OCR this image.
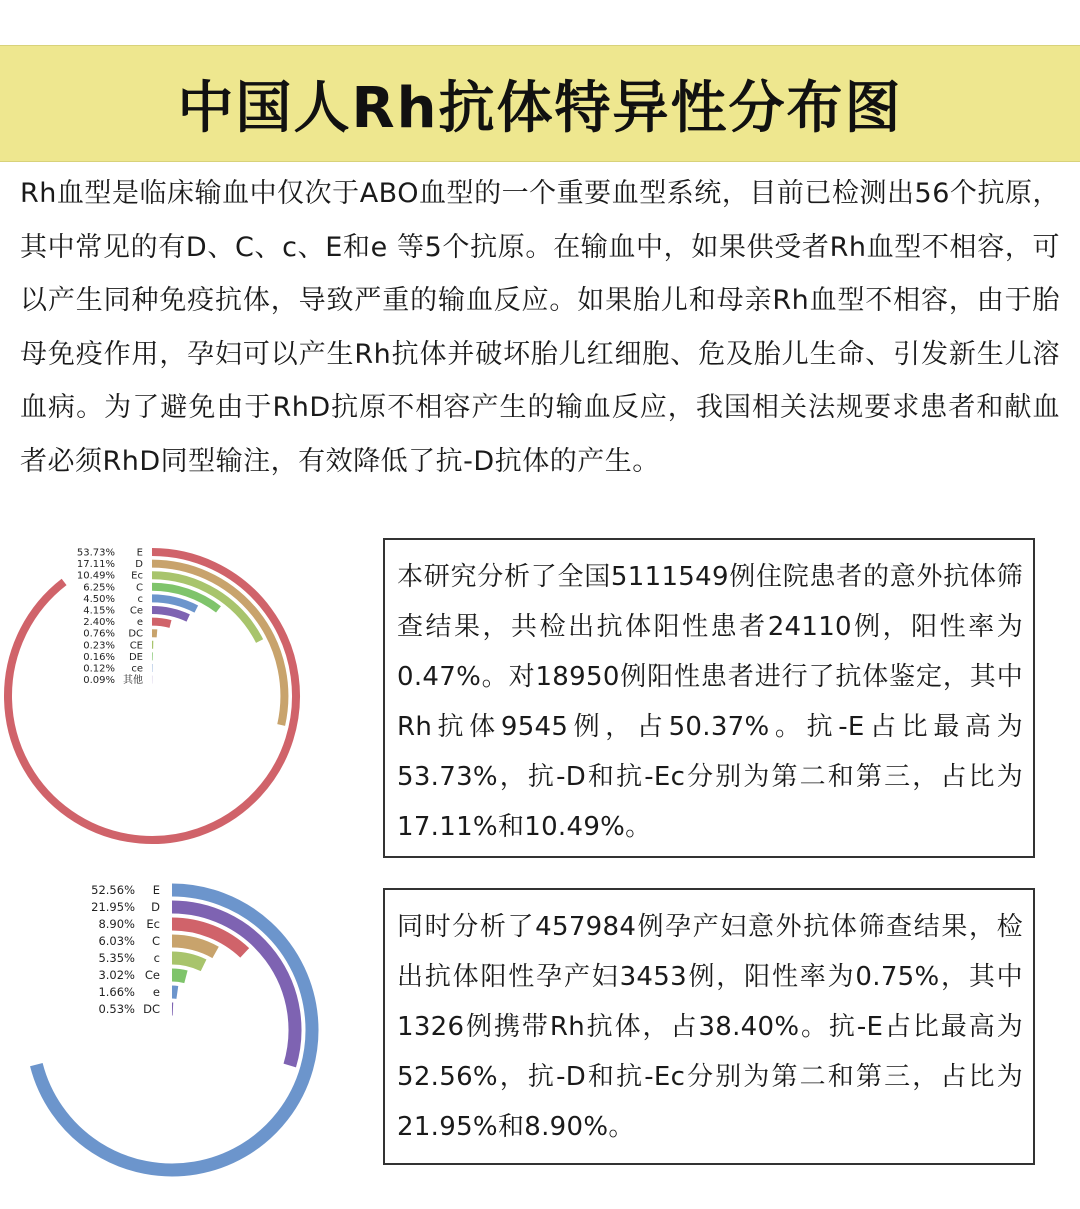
中国人Rh抗体特异性分布图

Rh血型是临床输血中仅次于ABO血型的一个重要血型系统，目前已检测出56个抗原，其中常见的有D、C、c、E和e 等5个抗原。在输血中，如果供受者Rh血型不相容，可以产生同种免疫抗体，导致严重的输血反应。如果胎儿和母亲Rh血型不相容，由于胎母免疫作用，孕妇可以产生Rh抗体并破坏胎儿红细胞、危及胎儿生命、引发新生儿溶血病。为了避免由于RhD抗原不相容产生的输血反应，我国相关法规要求患者和献血者必须RhD同型输注，有效降低了抗-D抗体的产生。

53.73% E
17.11% D
10.49% Ec
6.25% C
4.50% c
4.15% Ce
2.40% e
0.76% DC
0.23% CE
0.16% DE
0.12% ce
0.09% 其他

本研究分析了全国5111549例住院患者的意外抗体筛查结果，共检出抗体阳性患者24110例，阳性率为0.47%。对18950例阳性患者进行了抗体鉴定，其中Rh抗体9545例，占50.37%。抗-E占比最高为53.73%，抗-D和抗-Ec分别为第二和第三，占比为17.11%和10.49%。

52.56% E
21.95% D
8.90% Ec
6.03% C
5.35% c
3.02% Ce
1.66% e
0.53% DC

同时分析了457984例孕产妇意外抗体筛查结果，检出抗体阳性孕产妇3453例，阳性率为0.75%，其中1326例携带Rh抗体，占38.40%。抗-E占比最高为52.56%，抗-D和抗-Ec分别为第二和第三，占比为21.95%和8.90%。
